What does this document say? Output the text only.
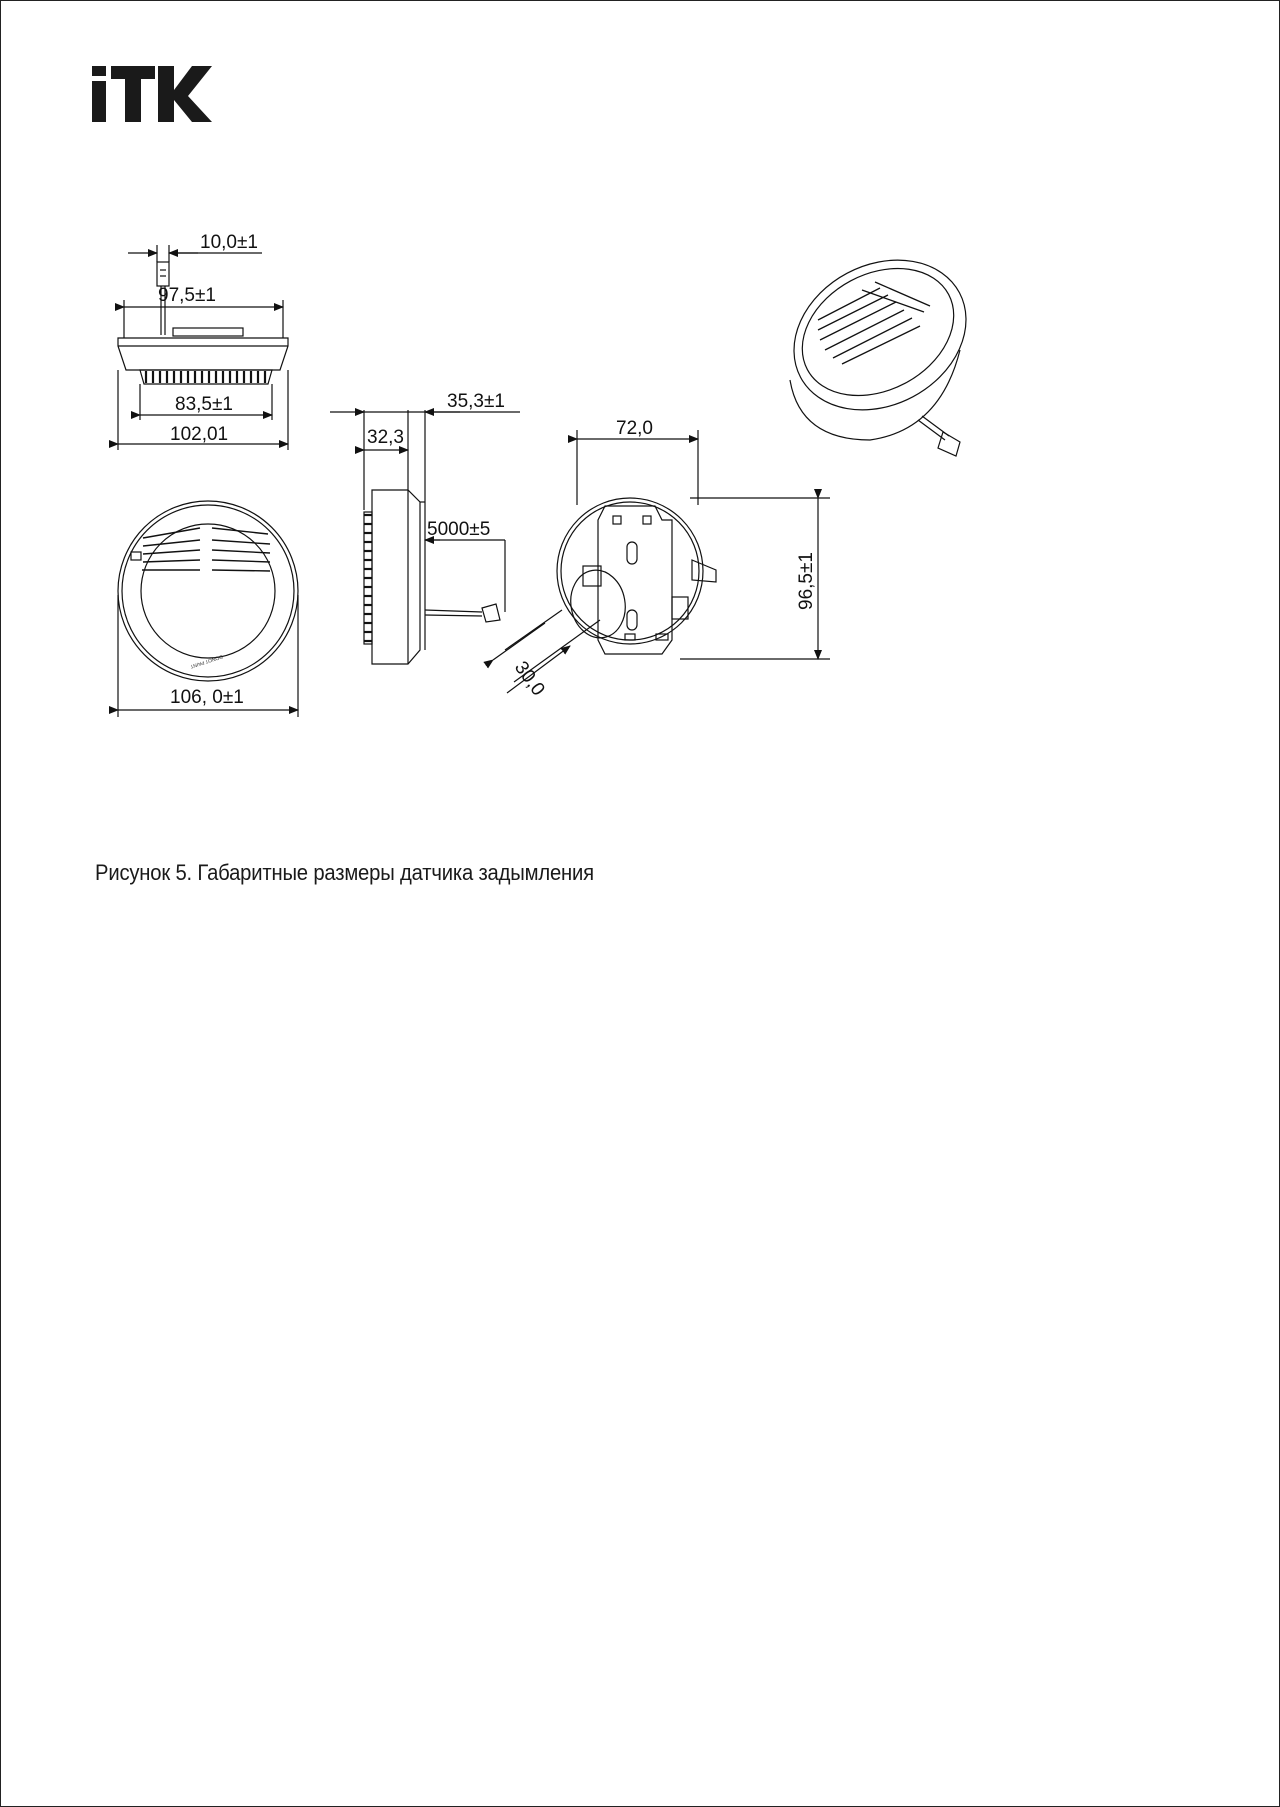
10,0±1
97,5±1
83,5±1
102,01	32,3
35,3±1
5000±5
72,0
96,5±1
30,0
106, 0±1
DONOT PAINT
Рисунок 5. Габаритные размеры датчика задымления
